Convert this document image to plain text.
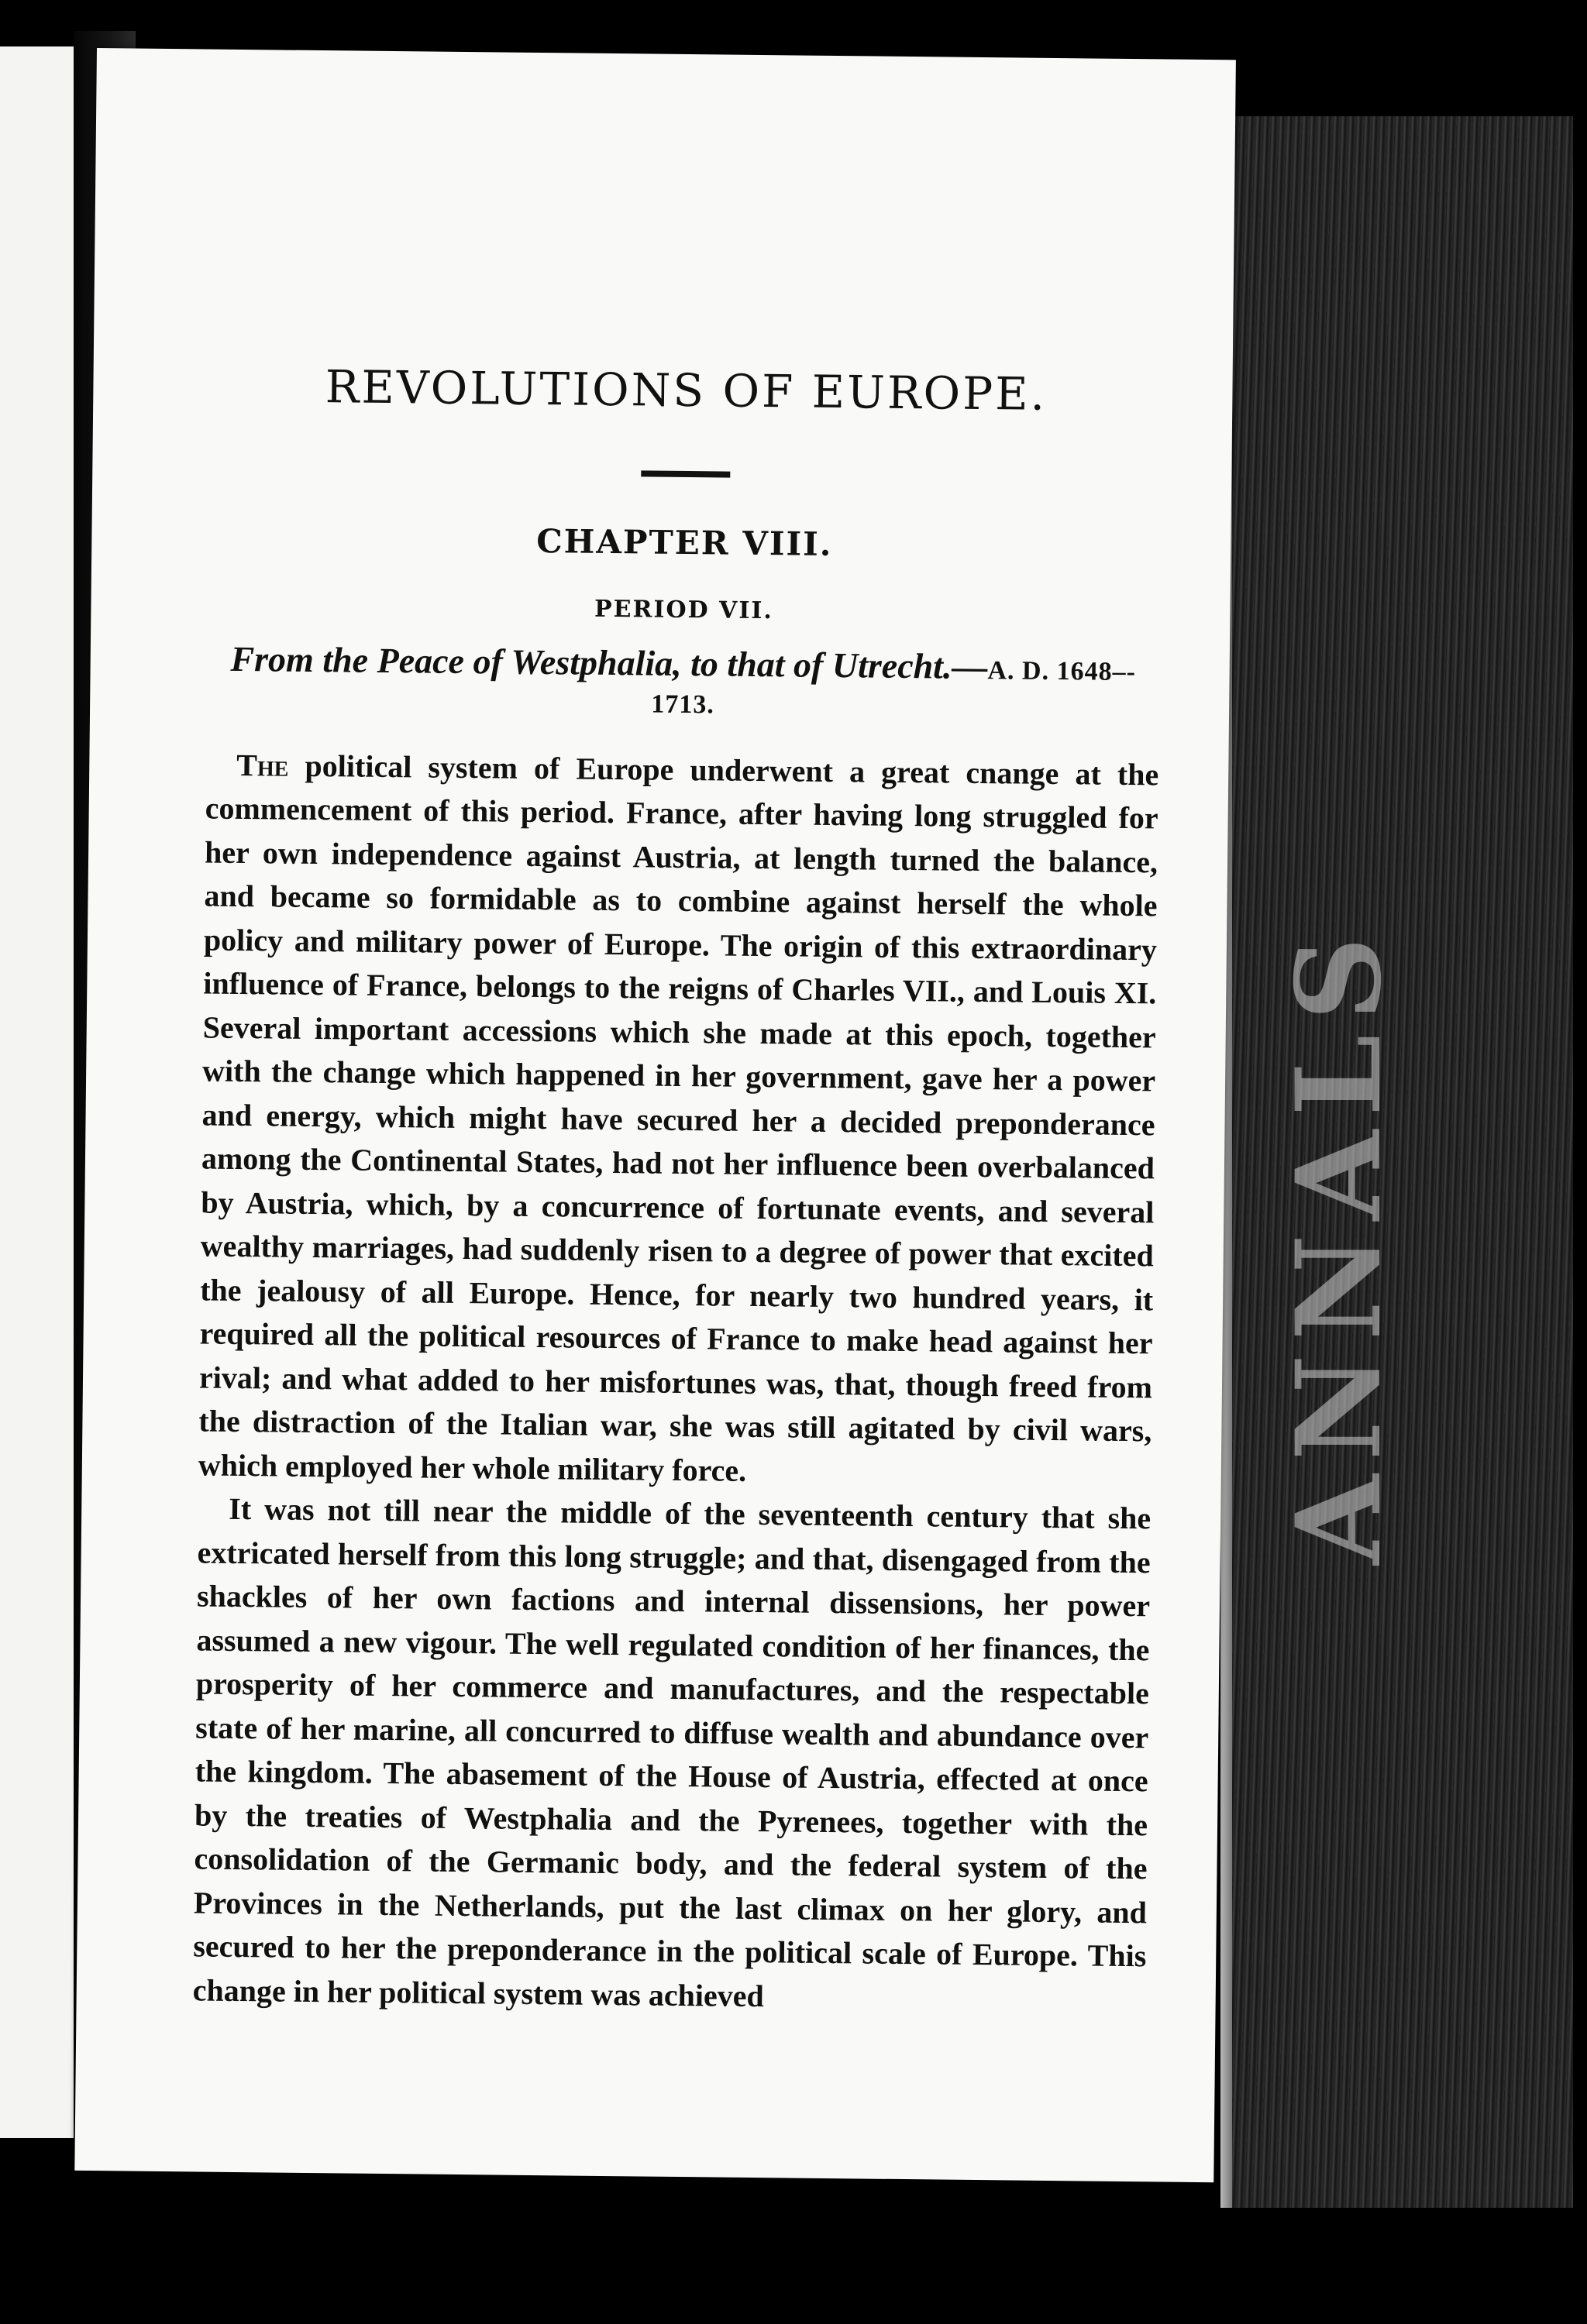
ANNALS
REVOLUTIONS OF EUROPE.
CHAPTER VIII.
PERIOD VII.
From the Peace of Westphalia, to that of Utrecht.—A. D. 1648–-
1713.

The political system of Europe underwent a great cnange at the commencement of this period. France, after having long struggled for her own independence against Austria, at length turned the balance, and became so formidable as to combine against herself the whole policy and military power of Europe. The origin of this extraordinary influence of France, belongs to the reigns of Charles VII., and Louis XI. Several important accessions which she made at this epoch, together with the change which happened in her government, gave her a power and energy, which might have secured her a decided preponderance among the Continental States, had not her influence been overbalanced by Austria, which, by a concurrence of fortunate events, and several wealthy marriages, had suddenly risen to a degree of power that excited the jealousy of all Europe. Hence, for nearly two hundred years, it required all the political resources of France to make head against her rival; and what added to her misfortunes was, that, though freed from the distraction of the Italian war, she was still agitated by civil wars, which employed her whole military force.

It was not till near the middle of the seventeenth century that she extricated herself from this long struggle; and that, disengaged from the shackles of her own factions and internal dissensions, her power assumed a new vigour. The well regulated condition of her finances, the prosperity of her commerce and manufactures, and the respectable state of her marine, all concurred to diffuse wealth and abundance over the kingdom. The abasement of the House of Austria, effected at once by the treaties of Westphalia and the Pyrenees, together with the consolidation of the Germanic body, and the federal system of the Provinces in the Netherlands, put the last climax on her glory, and secured to her the preponderance in the political scale of Europe. This change in her political system was achieved
